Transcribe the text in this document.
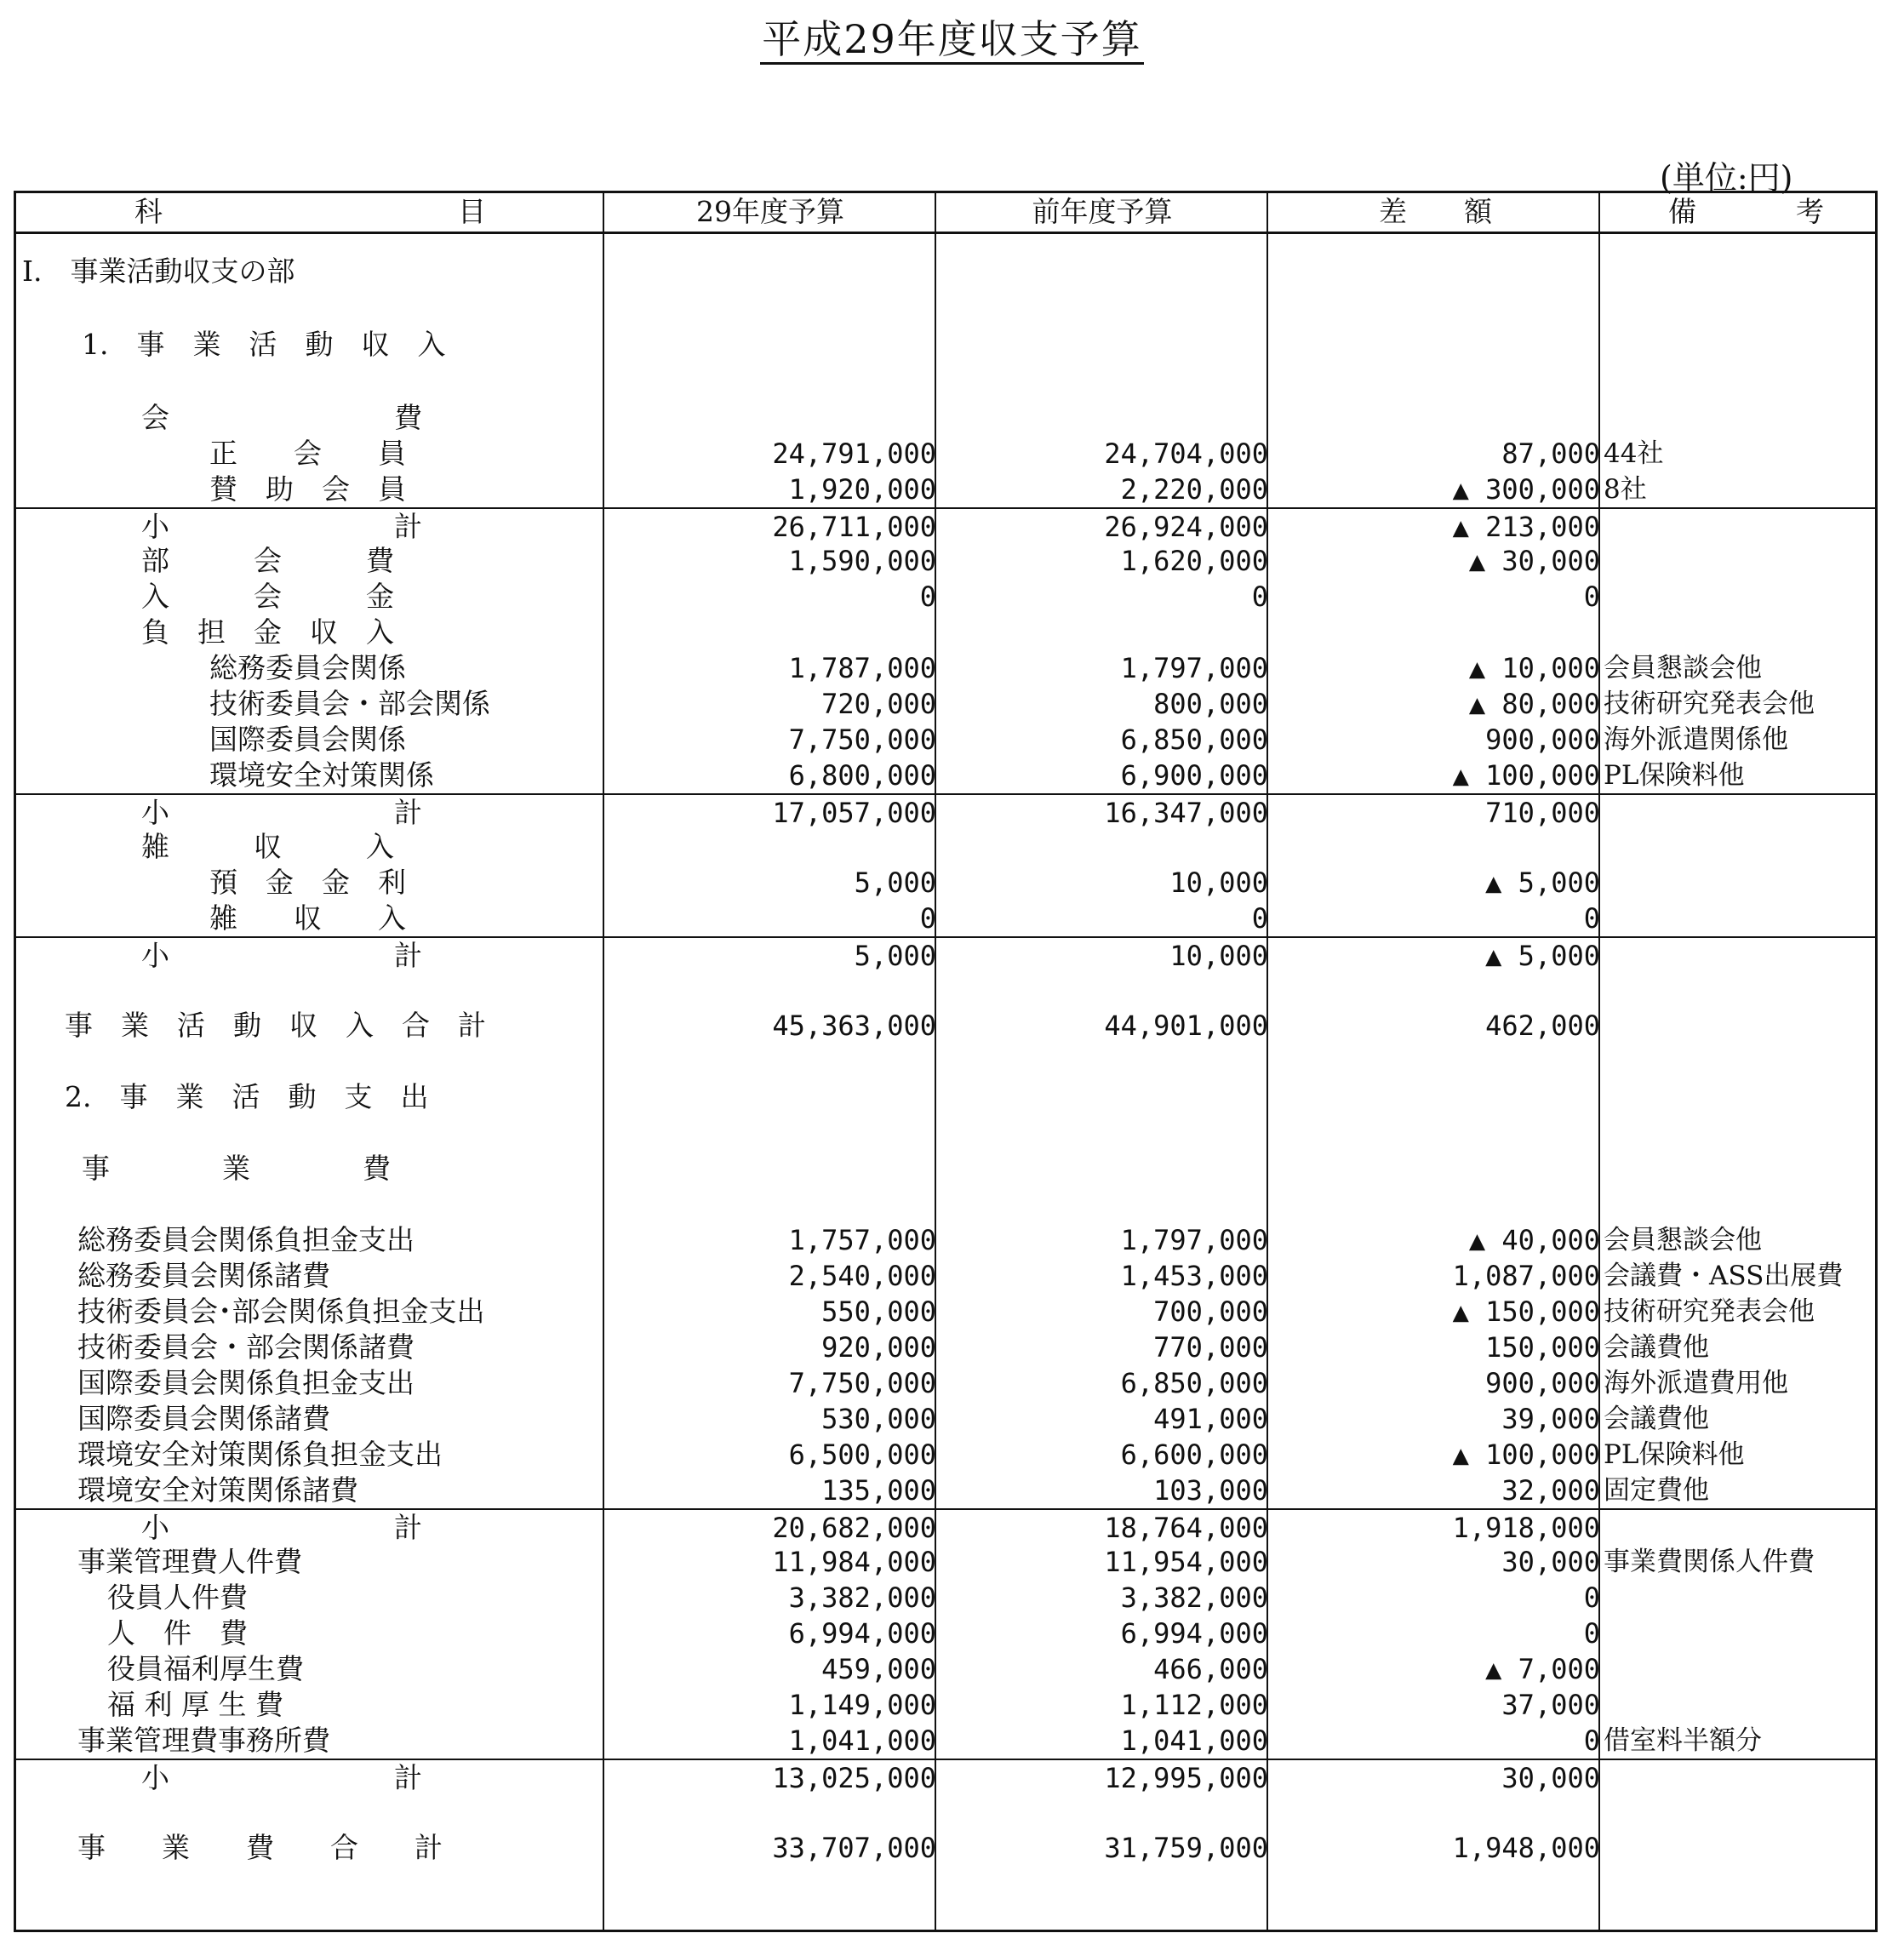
平成29年度収支予算
(単位:円)
科	目	29年度予算	前年度予算	差 額	備	考
Ⅰ.　事業活動収支の部
1.　事　業　活　動　収　入
会　　　　　　　　費
正　　会　　員	24,791,000	24,704,000	87,000 44社
賛　助　会　員	1,920,000	2,220,000	▲ 300,000 8社
小　　　　　　　　計	26,711,000	26,924,000	▲ 213,000
部　　　会　　　費	1,590,000	1,620,000	▲ 30,000
入　　　会　　　金	0	0	0
負　担　金　収　入
総務委員会関係	1,787,000	1,797,000	▲ 10,000 会員懇談会他
技術委員会・部会関係	720,000	800,000	▲ 80,000 技術研究発表会他
国際委員会関係	7,750,000	6,850,000	900,000 海外派遣関係他
環境安全対策関係	6,800,000	6,900,000	▲ 100,000 PL保険料他
小　　　　　　　　計	17,057,000	16,347,000	710,000
雑　　　収　　　入
預　金　金　利	5,000	10,000	▲ 5,000
雑　　収　　入	0	0	0
小　　　　　　　　計	5,000	10,000	▲ 5,000
事　業　活　動　収　入　合　計	45,363,000	44,901,000	462,000
2.　事　業　活　動　支　出
事　　　　業　　　　費
総務委員会関係負担金支出	1,757,000	1,797,000	▲ 40,000 会員懇談会他
総務委員会関係諸費	2,540,000	1,453,000	1,087,000 会議費・ASS出展費
技術委員会･部会関係負担金支出	550,000	700,000	▲ 150,000 技術研究発表会他
技術委員会・部会関係諸費	920,000	770,000	150,000 会議費他
国際委員会関係負担金支出	7,750,000	6,850,000	900,000 海外派遣費用他
国際委員会関係諸費	530,000	491,000	39,000 会議費他
環境安全対策関係負担金支出	6,500,000	6,600,000	▲ 100,000 PL保険料他
環境安全対策関係諸費	135,000	103,000	32,000 固定費他
小　　　　　　　　計	20,682,000	18,764,000	1,918,000
事業管理費人件費	11,984,000	11,954,000	30,000 事業費関係人件費
役員人件費	3,382,000	3,382,000	0
人　件　費	6,994,000	6,994,000	0
役員福利厚生費	459,000	466,000	▲ 7,000
福 利 厚 生 費	1,149,000	1,112,000	37,000
事業管理費事務所費	1,041,000	1,041,000	0 借室料半額分
小　　　　　　　　計	13,025,000	12,995,000	30,000
事　　業　　費　　合　　計	33,707,000	31,759,000	1,948,000
